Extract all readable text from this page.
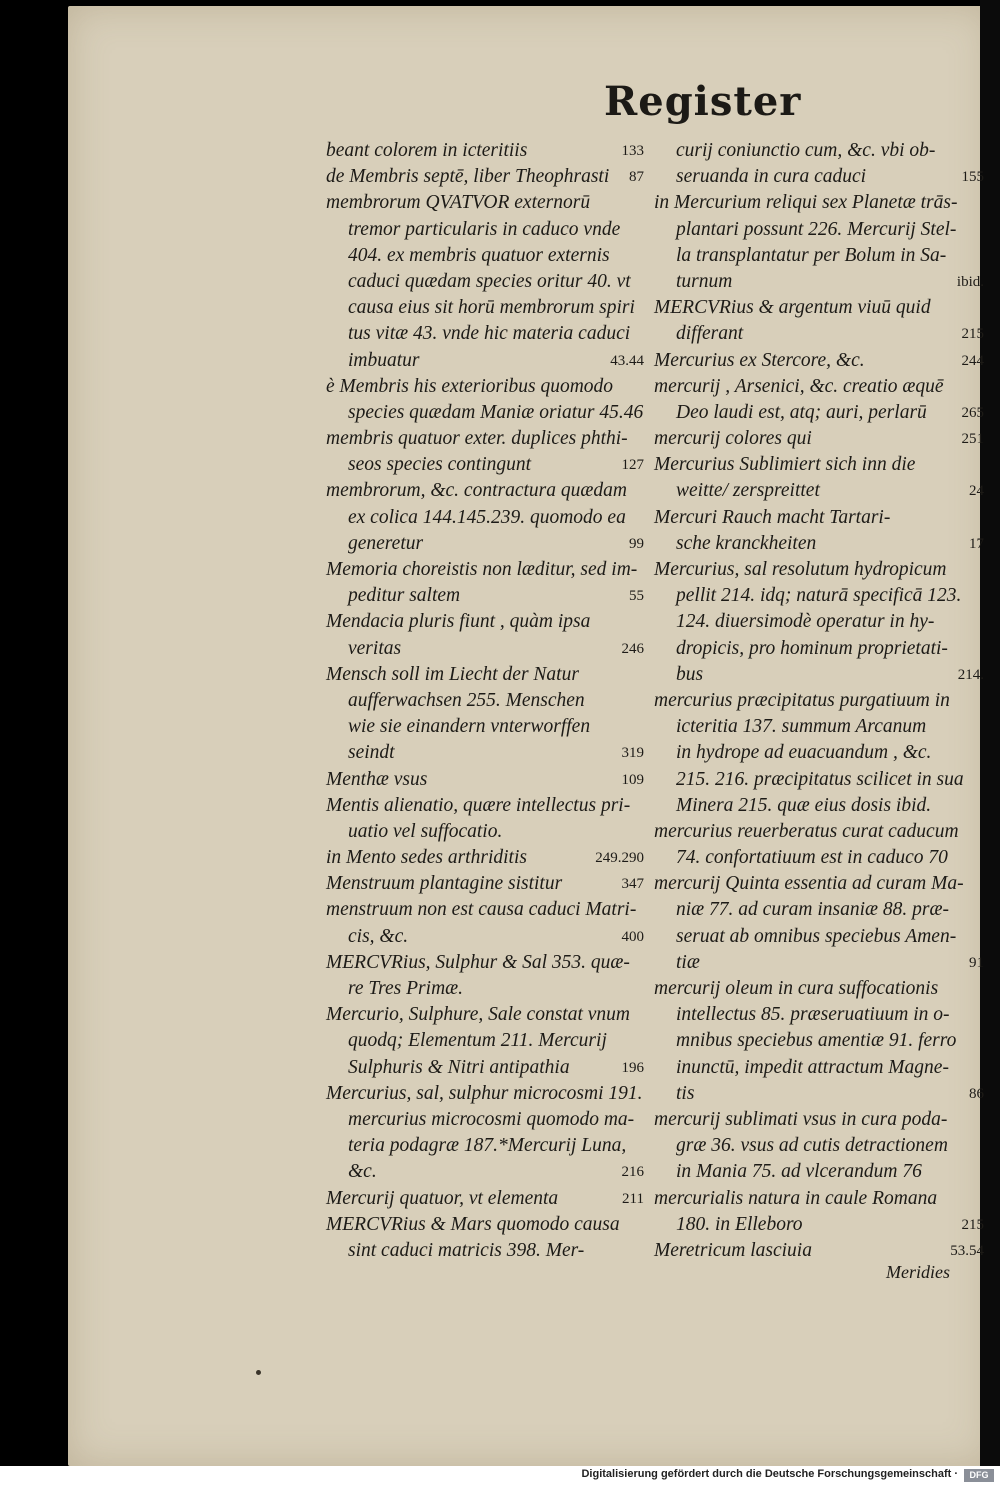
Register
beant colorem in icteritiis	133
de Membris septē, liber Theophrasti 87
membrorum QVATVOR externorū
tremor particularis in caduco vnde
404. ex membris quatuor externis
caduci quædam species oritur 40. vt
causa eius sit horū membrorum spiri
tus vitæ 43. vnde hic materia caduci
imbuatur	43.44
è Membris his exterioribus quomodo
species quædam Maniæ oriatur 45.46
membris quatuor exter. duplices phthi-
seos species contingunt	127
membrorum, &c. contractura quædam
ex colica 144.145.239. quomodo ea
generetur	99
Memoria choreistis non læditur, sed im-
peditur saltem	55
Mendacia pluris fiunt , quàm ipsa
veritas	246
Mensch soll im Liecht der Natur
aufferwachsen 255. Menschen
wie sie einandern vnterworffen
seindt	319
Menthæ vsus	109
Mentis alienatio, quære intellectus pri-
uatio vel suffocatio.
in Mento sedes arthriditis	249.290
Menstruum plantagine sistitur	347
menstruum non est causa caduci Matri-
cis, &c.	400
MERCVRius, Sulphur & Sal 353. quæ-
re Tres Primæ.
Mercurio, Sulphure, Sale constat vnum
quodq; Elementum 211. Mercurij
Sulphuris & Nitri antipathia	196
Mercurius, sal, sulphur microcosmi 191.
mercurius microcosmi quomodo ma-
teria podagræ 187.*Mercurij Luna,
&c.	216
Mercurij quatuor, vt elementa	211
MERCVRius & Mars quomodo causa
sint caduci matricis 398. Mer-
curij coniunctio cum, &c. vbi ob-
seruanda in cura caduci	155
in Mercurium reliqui sex Planetæ trās-
plantari possunt 226. Mercurij Stel-
la transplantatur per Bolum in Sa-
turnum	ibid.
MERCVRius & argentum viuū quid
differant	215
Mercurius ex Stercore, &c.	244
mercurij , Arsenici, &c. creatio æquē
Deo laudi est, atq; auri, perlarū 265
mercurij colores qui	251
Mercurius Sublimiert sich inn die
weitte/ zerspreittet	24
Mercuri Rauch macht Tartari-
sche kranckheiten	17
Mercurius, sal resolutum hydropicum
pellit 214. idq; naturā specificā 123.
124. diuersimodè operatur in hy-
dropicis, pro hominum proprietati-
bus	214.
mercurius præcipitatus purgatiuum in
icteritia 137. summum Arcanum
in hydrope ad euacuandum , &c.
215. 216. præcipitatus scilicet in sua
Minera 215. quæ eius dosis ibid.
mercurius reuerberatus curat caducum
74. confortatiuum est in caduco 70
mercurij Quinta essentia ad curam Ma-
niæ 77. ad curam insaniæ 88. præ-
seruat ab omnibus speciebus Amen-
tiæ	91
mercurij oleum in cura suffocationis
intellectus 85. præseruatiuum in o-
mnibus speciebus amentiæ 91. ferro
inunctū, impedit attractum Magne-
tis	86
mercurij sublimati vsus in cura poda-
græ 36. vsus ad cutis detractionem
in Mania 75. ad vlcerandum 76
mercurialis natura in caule Romana
180. in Elleboro	215
Meretricum lasciuia	53.54
Meridies
Digitalisierung gefördert durch die Deutsche Forschungsgemeinschaft ·	DFG
